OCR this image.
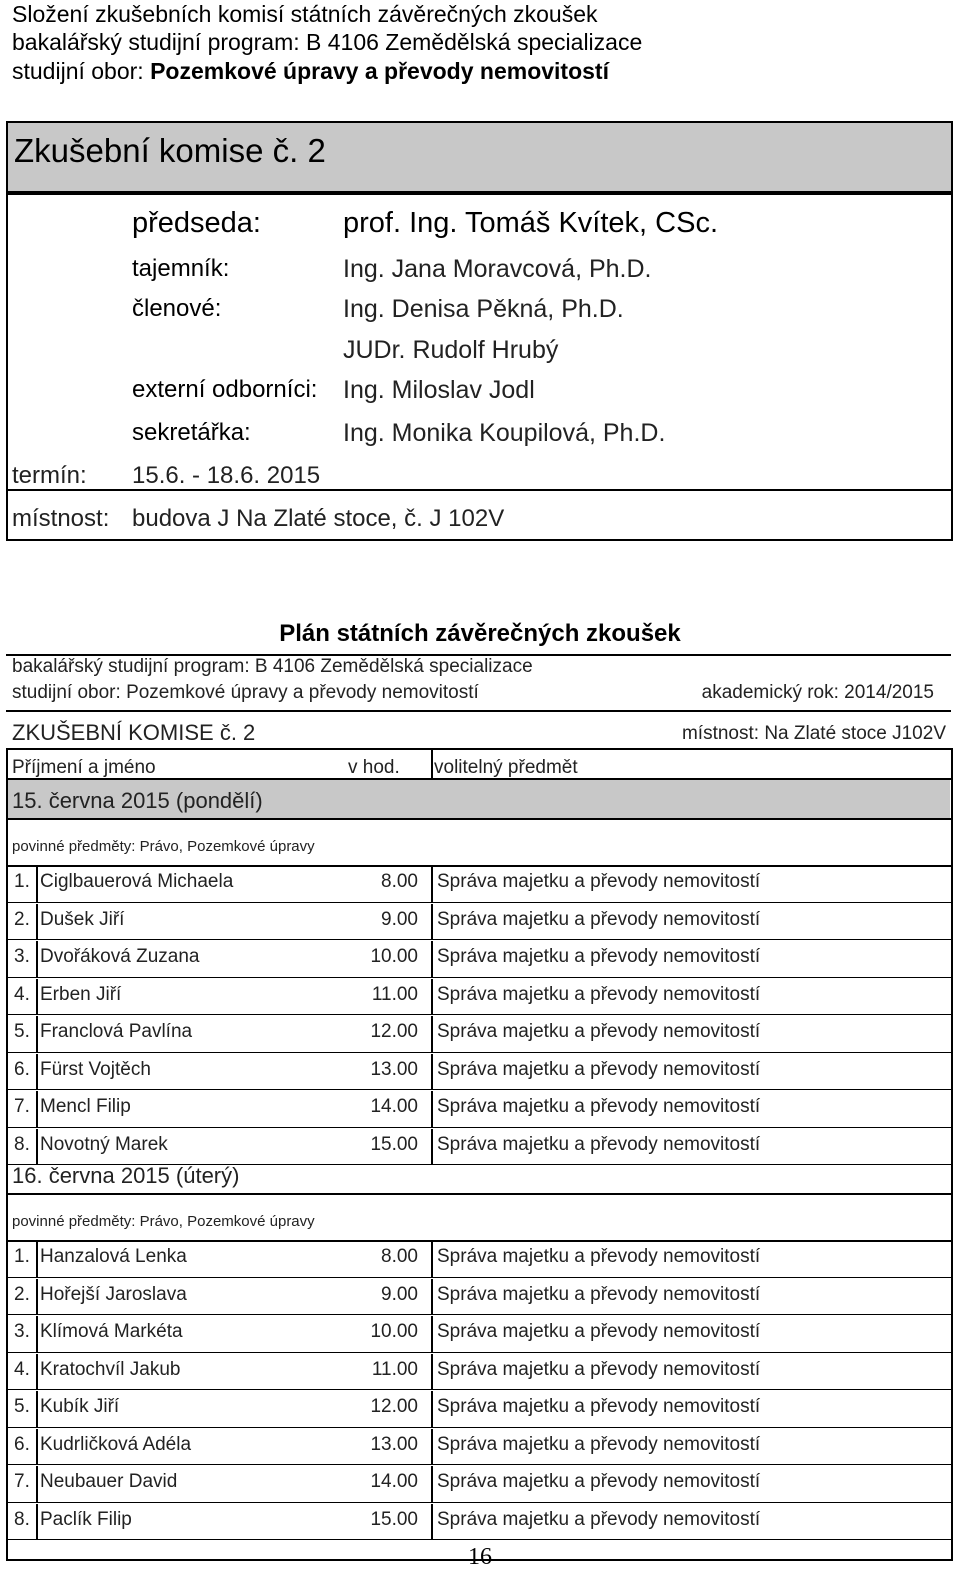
Složení zkušebních komisí státních závěrečných zkoušek
bakalářský studijní program: B 4106 Zemědělská specializace
studijní obor: Pozemkové úpravy a převody nemovitostí
Zkušební komise č. 2
předseda:	prof. Ing. Tomáš Kvítek, CSc.
tajemník:	Ing. Jana Moravcová, Ph.D.
členové:	Ing. Denisa Pěkná, Ph.D.
JUDr. Rudolf Hrubý
externí odborníci: Ing. Miloslav Jodl
sekretářka:	Ing. Monika Koupilová, Ph.D.
termín: 15.6. - 18.6. 2015
místnost: budova J Na Zlaté stoce, č. J 102V
Plán státních závěrečných zkoušek
bakalářský studijní program: B 4106 Zemědělská specializace
studijní obor: Pozemkové úpravy a převody nemovitostí	akademický rok: 2014/2015
ZKUŠEBNÍ KOMISE č. 2	místnost: Na Zlaté stoce J102V
Příjmení a jméno	v hod. volitelný předmět
15. června 2015 (pondělí)
povinné předměty: Právo, Pozemkové úpravy
1. Ciglbauerová Michaela	8.00 Správa majetku a převody nemovitostí
2. Dušek Jiří	9.00 Správa majetku a převody nemovitostí
3. Dvořáková Zuzana	10.00 Správa majetku a převody nemovitostí
4. Erben Jiří	11.00 Správa majetku a převody nemovitostí
5. Franclová Pavlína	12.00 Správa majetku a převody nemovitostí
6. Fürst Vojtěch	13.00 Správa majetku a převody nemovitostí
7. Mencl Filip	14.00 Správa majetku a převody nemovitostí
8. Novotný Marek	15.00 Správa majetku a převody nemovitostí
16. června 2015 (úterý)
povinné předměty: Právo, Pozemkové úpravy
1. Hanzalová Lenka	8.00 Správa majetku a převody nemovitostí
2. Hořejší Jaroslava	9.00 Správa majetku a převody nemovitostí
3. Klímová Markéta	10.00 Správa majetku a převody nemovitostí
4. Kratochvíl Jakub	11.00 Správa majetku a převody nemovitostí
5. Kubík Jiří	12.00 Správa majetku a převody nemovitostí
6. Kudrličková Adéla	13.00 Správa majetku a převody nemovitostí
7. Neubauer David	14.00 Správa majetku a převody nemovitostí
8. Paclík Filip	15.00 Správa majetku a převody nemovitostí
16
